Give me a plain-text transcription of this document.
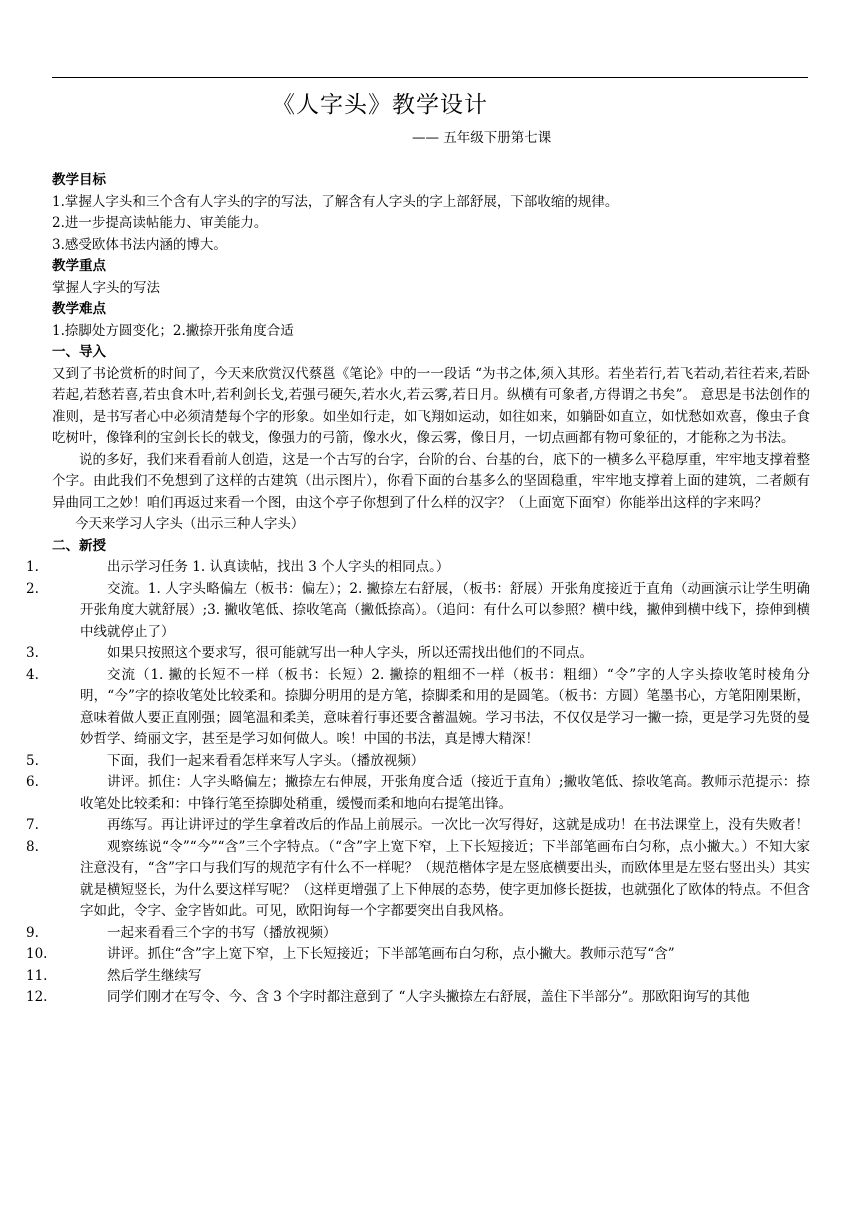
《人字头》教学设计
—— 五年级下册第七课

教学目标

1.掌握人字头和三个含有人字头的字的写法，了解含有人字头的字上部舒展，下部收缩的规律。

2.进一步提高读帖能力、审美能力。

3.感受欧体书法内涵的博大。

教学重点

掌握人字头的写法

教学难点

1.捺脚处方圆变化；2.撇捺开张角度合适

一、导入

又到了书论赏析的时间了，今天来欣赏汉代蔡邕《笔论》中的一一段话 “为书之体,须入其形。若坐若行,若飞若动,若往若来,若卧若起,若愁若喜,若虫食木叶,若利剑长戈,若强弓硬矢,若水火,若云雾,若日月。纵横有可象者,方得谓之书矣”。 意思是书法创作的准则，是书写者心中必须清楚每个字的形象。如坐如行走，如飞翔如运动，如往如来，如躺卧如直立，如忧愁如欢喜，像虫子食吃树叶，像锋利的宝剑长长的戟戈，像强力的弓箭，像水火，像云雾，像日月，一切点画都有物可象征的，才能称之为书法。

说的多好，我们来看看前人创造，这是一个古写的台字，台阶的台、台基的台，底下的一横多么平稳厚重，牢牢地支撑着整个字。由此我们不免想到了这样的古建筑（出示图片），你看下面的台基多么的坚固稳重，牢牢地支撑着上面的建筑，二者颇有异曲同工之妙！咱们再返过来看一个图，由这个亭子你想到了什么样的汉字？（上面宽下面窄）你能举出这样的字来吗？

今天来学习人字头（出示三种人字头）

二、新授

1.	出示学习任务 1. 认真读帖，找出 3 个人字头的相同点。）
2.	交流。1. 人字头略偏左（板书：偏左）；2. 撇捺左右舒展，（板书：舒展）开张角度接近于直角（动画演示让学生明确开张角度大就舒展）;3. 撇收笔低、捺收笔高（撇低捺高）。（追问：有什么可以参照？横中线，撇伸到横中线下，捺伸到横中线就停止了）
3.	如果只按照这个要求写，很可能就写出一种人字头，所以还需找出他们的不同点。
4.	交流（1. 撇的长短不一样（板书：长短）2. 撇捺的粗细不一样（板书：粗细）“令”字的人字头捺收笔时棱角分明，“今”字的捺收笔处比较柔和。捺脚分明用的是方笔，捺脚柔和用的是圆笔。（板书：方圆）笔墨书心，方笔阳刚果断，意味着做人要正直刚强；圆笔温和柔美，意味着行事还要含蓄温婉。学习书法，不仅仅是学习一撇一捺，更是学习先贤的曼妙哲学、绮丽文字，甚至是学习如何做人。唉！中国的书法，真是博大精深！
5.	下面，我们一起来看看怎样来写人字头。（播放视频）
6.	讲评。抓住：人字头略偏左；撇捺左右伸展，开张角度合适（接近于直角）;撇收笔低、捺收笔高。教师示范提示：捺收笔处比较柔和：中锋行笔至捺脚处稍重，缓慢而柔和地向右提笔出锋。
7.	再练写。再让讲评过的学生拿着改后的作品上前展示。一次比一次写得好，这就是成功！在书法课堂上，没有失败者！
8.	观察练说“令”“今”“含”三个字特点。（“含”字上宽下窄，上下长短接近；下半部笔画布白匀称，点小撇大。）不知大家注意没有，“含”字口与我们写的规范字有什么不一样呢？（规范楷体字是左竖底横要出头，而欧体里是左竖右竖出头）其实就是横短竖长，为什么要这样写呢？（这样更增强了上下伸展的态势，使字更加修长挺拔，也就强化了欧体的特点。不但含字如此，令字、金字皆如此。可见，欧阳询每一个字都要突出自我风格。
9.	一起来看看三个字的书写（播放视频）
10.	讲评。抓住“含”字上宽下窄，上下长短接近；下半部笔画布白匀称，点小撇大。教师示范写“含”
11.	然后学生继续写
12.	同学们刚才在写令、今、含 3 个字时都注意到了 “人字头撇捺左右舒展，盖住下半部分”。那欧阳询写的其他
